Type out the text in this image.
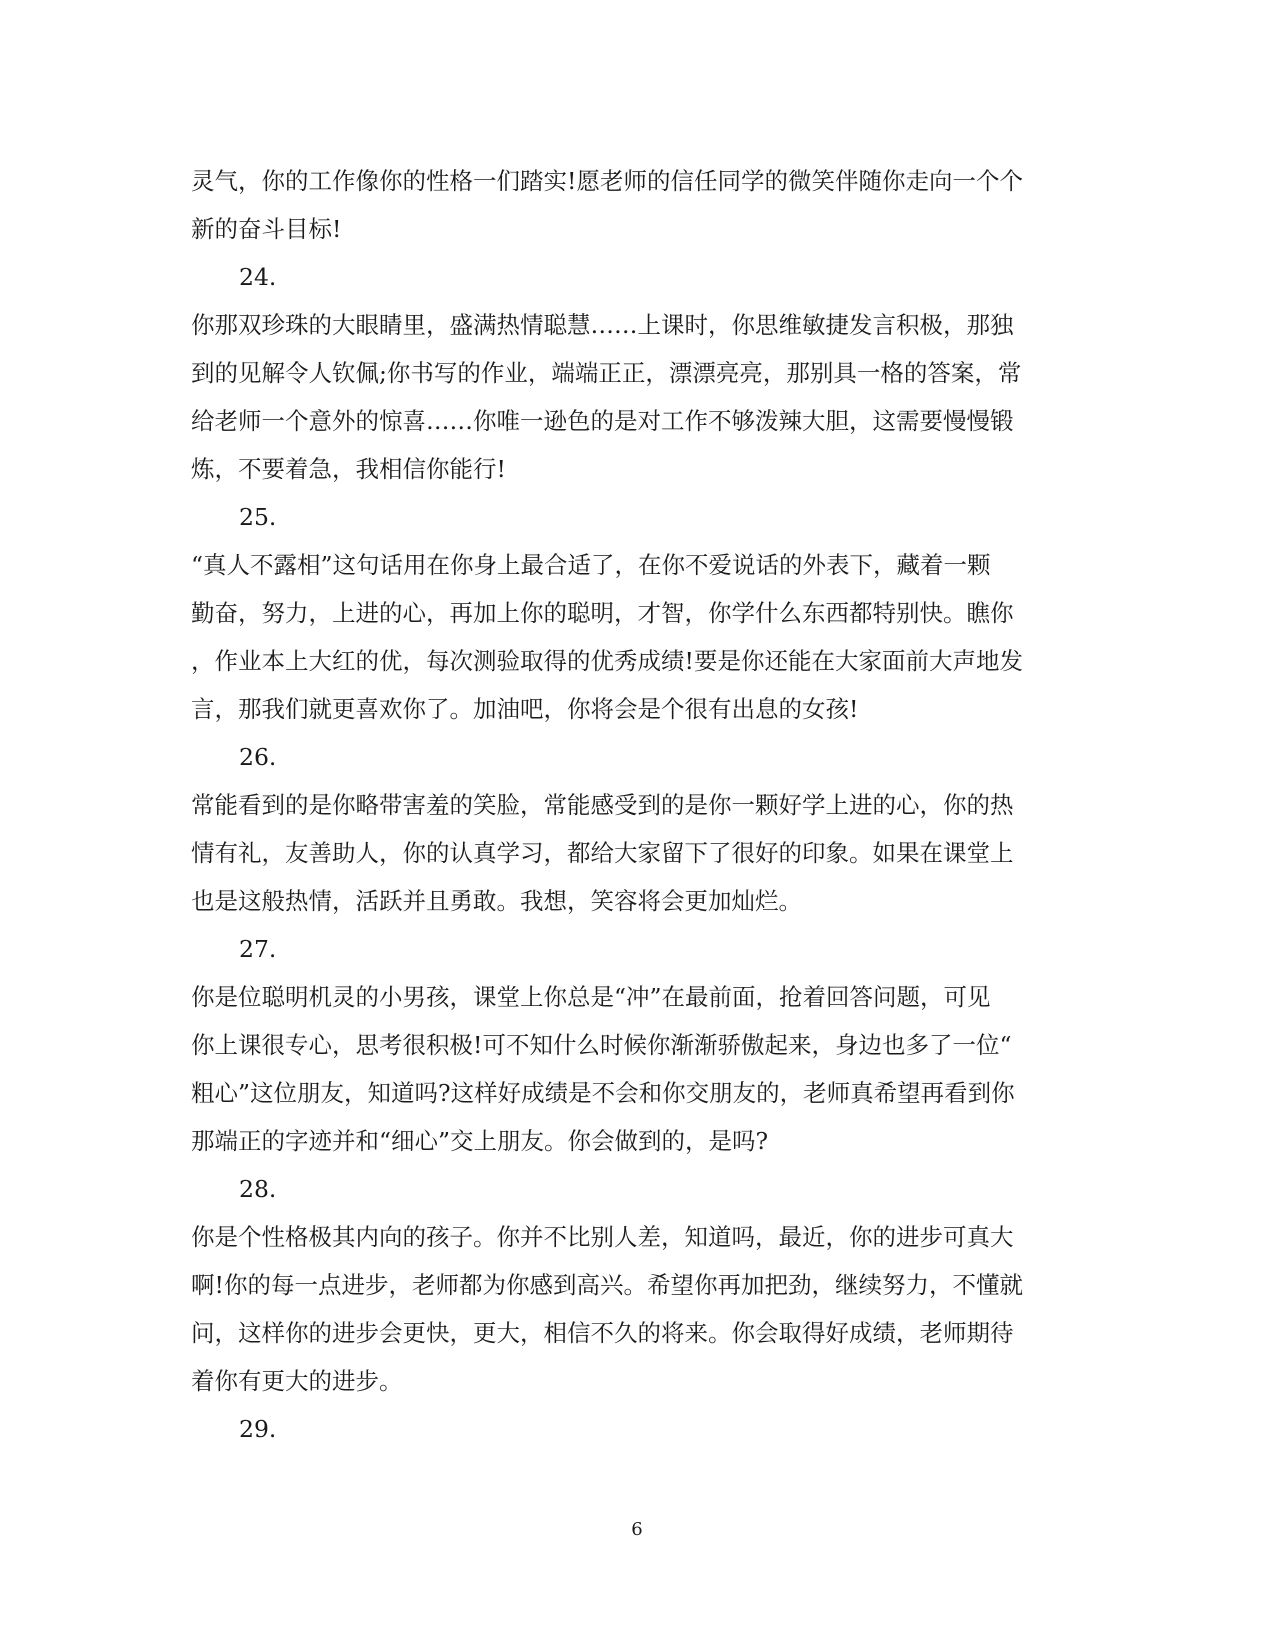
灵气，你的工作像你的性格一们踏实!愿老师的信任同学的微笑伴随你走向一个个
新的奋斗目标!
24.
你那双珍珠的大眼睛里，盛满热情聪慧……上课时，你思维敏捷发言积极，那独
到的见解令人钦佩;你书写的作业，端端正正，漂漂亮亮，那别具一格的答案，常
给老师一个意外的惊喜……你唯一逊色的是对工作不够泼辣大胆，这需要慢慢锻
炼，不要着急，我相信你能行!
25.
“真人不露相”这句话用在你身上最合适了，在你不爱说话的外表下，藏着一颗
勤奋，努力，上进的心，再加上你的聪明，才智，你学什么东西都特别快。瞧你
，作业本上大红的优，每次测验取得的优秀成绩!要是你还能在大家面前大声地发
言，那我们就更喜欢你了。加油吧，你将会是个很有出息的女孩!
26.
常能看到的是你略带害羞的笑脸，常能感受到的是你一颗好学上进的心，你的热
情有礼，友善助人，你的认真学习，都给大家留下了很好的印象。如果在课堂上
也是这般热情，活跃并且勇敢。我想，笑容将会更加灿烂。
27.
你是位聪明机灵的小男孩，课堂上你总是“冲”在最前面，抢着回答问题，可见
你上课很专心，思考很积极!可不知什么时候你渐渐骄傲起来，身边也多了一位“
粗心”这位朋友，知道吗?这样好成绩是不会和你交朋友的，老师真希望再看到你
那端正的字迹并和“细心”交上朋友。你会做到的，是吗?
28.
你是个性格极其内向的孩子。你并不比别人差，知道吗，最近，你的进步可真大
啊!你的每一点进步，老师都为你感到高兴。希望你再加把劲，继续努力，不懂就
问，这样你的进步会更快，更大，相信不久的将来。你会取得好成绩，老师期待
着你有更大的进步。
29.
6
